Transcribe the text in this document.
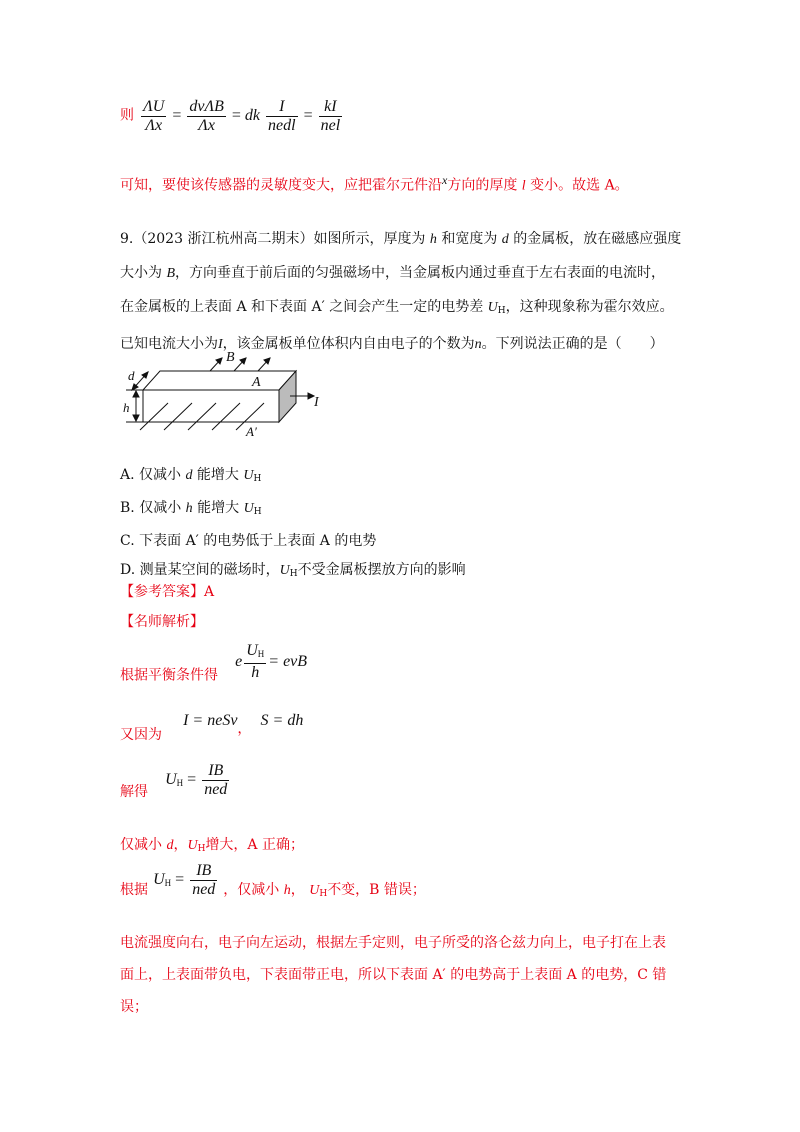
则 $\frac{\Lambda U}{\Lambda x} = \frac{\text{dvΛB}}{\Lambda x}$ = dk $\frac{I}{\text{nedl}} = \frac{kI}{\text{nel}}$
可知，要使该传感器的灵敏度变大，应把霍尔元件沿$^x$方向的厚度 l 变小。故选 A。
9.（2023 浙江杭州高二期末）如图所示，厚度为 h 和宽度为 d 的金属板，放在磁感应强度
大小为 B，方向垂直于前后面的匀强磁场中，当金属板内通过垂直于左右表面的电流时，
在金属板的上表面 A 和下表面 A′ 之间会产生一定的电势差 $U_H$，这种现象称为霍尔效应。
已知电流大小为I，该金属板单位体积内自由电子的个数为n。下列说法正确的是（　　）
B
A
I
d
h
A′
A. 仅减小 d 能增大 $U_H$
B. 仅减小 h 能增大 $U_H$
C. 下表面 A′ 的电势低于上表面 A 的电势
D. 测量某空间的磁场时，$U_H$不受金属板摆放方向的影响
【参考答案】A
【名师解析】
根据平衡条件得 e $\frac{U_H}{h}$ = evB
又因为 I = neSv， S = dh
解得 $U_H = \frac{IB}{\text{ned}}$
仅减小 d，$U_H$增大，A 正确；
根据 $U_H = \frac{IB}{\text{ned}}$ ，仅减小 h， $U_H$不变，B 错误；
电流强度向右，电子向左运动，根据左手定则，电子所受的洛仑兹力向上，电子打在上表
面上，上表面带负电，下表面带正电，所以下表面 A′ 的电势高于上表面 A 的电势，C 错
误；
